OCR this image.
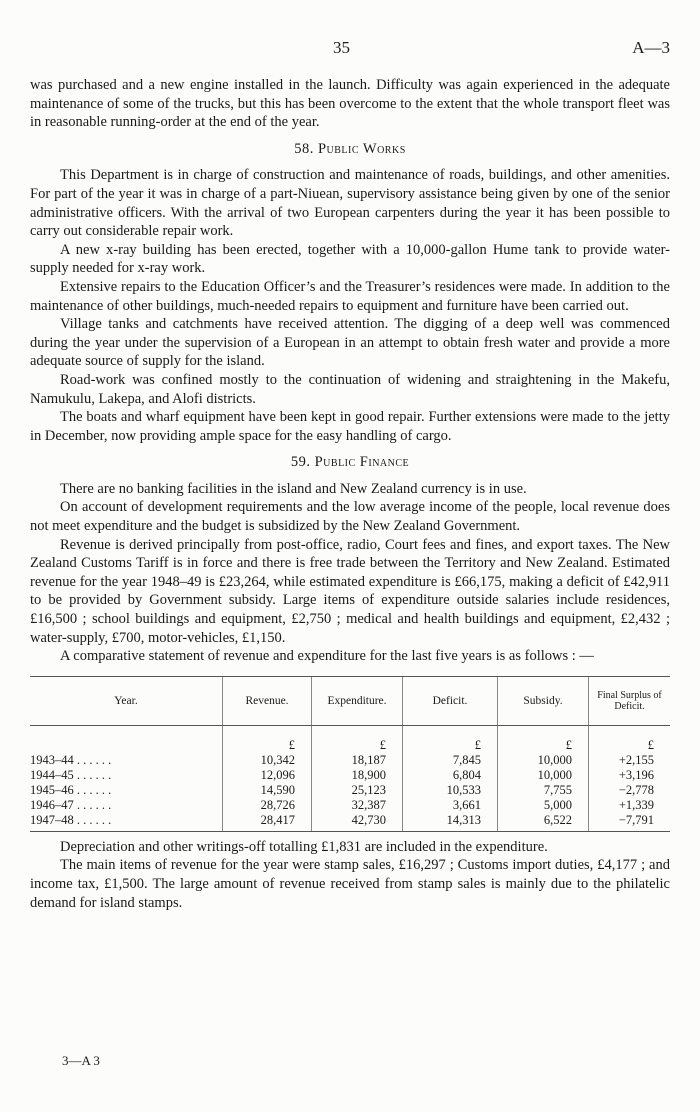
35	A—3

was purchased and a new engine installed in the launch. Difficulty was again experienced in the adequate maintenance of some of the trucks, but this has been overcome to the extent that the whole transport fleet was in reasonable running-order at the end of the year.

58. Public Works

This Department is in charge of construction and maintenance of roads, buildings, and other amenities. For part of the year it was in charge of a part-Niuean, supervisory assistance being given by one of the senior administrative officers. With the arrival of two European carpenters during the year it has been possible to carry out considerable repair work.

A new x-ray building has been erected, together with a 10,000-gallon Hume tank to provide water-supply needed for x-ray work.

Extensive repairs to the Education Officer’s and the Treasurer’s residences were made. In addition to the maintenance of other buildings, much-needed repairs to equipment and furniture have been carried out.

Village tanks and catchments have received attention. The digging of a deep well was commenced during the year under the supervision of a European in an attempt to obtain fresh water and provide a more adequate source of supply for the island.

Road-work was confined mostly to the continuation of widening and straightening in the Makefu, Namukulu, Lakepa, and Alofi districts.

The boats and wharf equipment have been kept in good repair. Further extensions were made to the jetty in December, now providing ample space for the easy handling of cargo.

59. Public Finance

There are no banking facilities in the island and New Zealand currency is in use.

On account of development requirements and the low average income of the people, local revenue does not meet expenditure and the budget is subsidized by the New Zealand Government.

Revenue is derived principally from post-office, radio, Court fees and fines, and export taxes. The New Zealand Customs Tariff is in force and there is free trade between the Territory and New Zealand. Estimated revenue for the year 1948–49 is £23,264, while estimated expenditure is £66,175, making a deficit of £42,911 to be provided by Government subsidy. Large items of expenditure outside salaries include residences, £16,500 ; school buildings and equipment, £2,750 ; medical and health buildings and equipment, £2,432 ; water-supply, £700, motor-vehicles, £1,150.

A comparative statement of revenue and expenditure for the last five years is as follows : —

Year.	Revenue.	Expenditure.	Deficit.	Subsidy.	Final Surplus of Deficit.
	£	£	£	£	£
1943–44 . . . . . .	10,342	18,187	7,845	10,000	+2,155
1944–45 . . . . . .	12,096	18,900	6,804	10,000	+3,196
1945–46 . . . . . .	14,590	25,123	10,533	7,755	−2,778
1946–47 . . . . . .	28,726	32,387	3,661	5,000	+1,339
1947–48 . . . . . .	28,417	42,730	14,313	6,522	−7,791

Depreciation and other writings-off totalling £1,831 are included in the expenditure.

The main items of revenue for the year were stamp sales, £16,297 ; Customs import duties, £4,177 ; and income tax, £1,500. The large amount of revenue received from stamp sales is mainly due to the philatelic demand for island stamps.

3—A 3
